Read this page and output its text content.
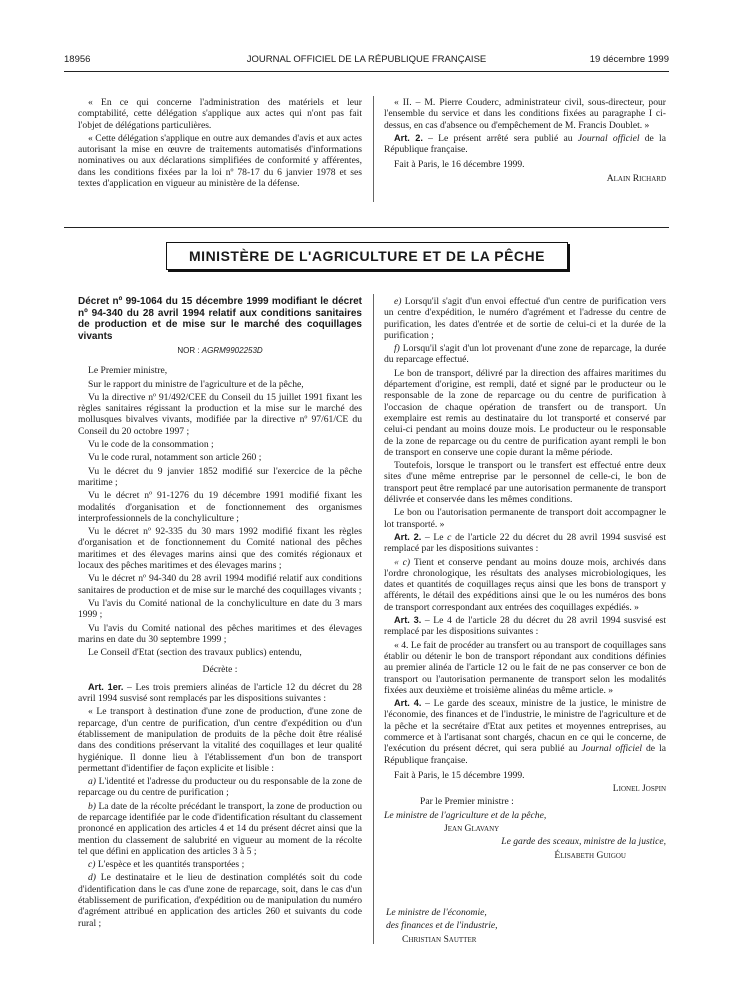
18956	JOURNAL OFFICIEL DE LA RÉPUBLIQUE FRANÇAISE	19 décembre 1999

« En ce qui concerne l'administration des matériels et leur comptabilité, cette délégation s'applique aux actes qui n'ont pas fait l'objet de délégations particulières.

« Cette délégation s'applique en outre aux demandes d'avis et aux actes autorisant la mise en œuvre de traitements automatisés d'informations nominatives ou aux déclarations simplifiées de conformité y afférentes, dans les conditions fixées par la loi nº 78-17 du 6 janvier 1978 et ses textes d'application en vigueur au ministère de la défense.

« II. – M. Pierre Couderc, administrateur civil, sous-directeur, pour l'ensemble du service et dans les conditions fixées au paragraphe I ci-dessus, en cas d'absence ou d'empêchement de M. Francis Doublet. »

Art. 2. – Le présent arrêté sera publié au Journal officiel de la République française.

Fait à Paris, le 16 décembre 1999.

Alain Richard

MINISTÈRE DE L'AGRICULTURE ET DE LA PÊCHE

Décret nº 99-1064 du 15 décembre 1999 modifiant le décret nº 94-340 du 28 avril 1994 relatif aux conditions sanitaires de production et de mise sur le marché des coquillages vivants

NOR : AGRM9902253D

Le Premier ministre,

Sur le rapport du ministre de l'agriculture et de la pêche,

Vu la directive nº 91/492/CEE du Conseil du 15 juillet 1991 fixant les règles sanitaires régissant la production et la mise sur le marché des mollusques bivalves vivants, modifiée par la directive nº 97/61/CE du Conseil du 20 octobre 1997 ;

Vu le code de la consommation ;

Vu le code rural, notamment son article 260 ;

Vu le décret du 9 janvier 1852 modifié sur l'exercice de la pêche maritime ;

Vu le décret nº 91-1276 du 19 décembre 1991 modifié fixant les modalités d'organisation et de fonctionnement des organismes interprofessionnels de la conchyliculture ;

Vu le décret nº 92-335 du 30 mars 1992 modifié fixant les règles d'organisation et de fonctionnement du Comité national des pêches maritimes et des élevages marins ainsi que des comités régionaux et locaux des pêches maritimes et des élevages marins ;

Vu le décret nº 94-340 du 28 avril 1994 modifié relatif aux conditions sanitaires de production et de mise sur le marché des coquillages vivants ;

Vu l'avis du Comité national de la conchyliculture en date du 3 mars 1999 ;

Vu l'avis du Comité national des pêches maritimes et des élevages marins en date du 30 septembre 1999 ;

Le Conseil d'Etat (section des travaux publics) entendu,

Décrète :

Art. 1er. – Les trois premiers alinéas de l'article 12 du décret du 28 avril 1994 susvisé sont remplacés par les dispositions suivantes :

« Le transport à destination d'une zone de production, d'une zone de reparcage, d'un centre de purification, d'un centre d'expédition ou d'un établissement de manipulation de produits de la pêche doit être réalisé dans des conditions préservant la vitalité des coquillages et leur qualité hygiénique. Il donne lieu à l'établissement d'un bon de transport permettant d'identifier de façon explicite et lisible :

a) L'identité et l'adresse du producteur ou du responsable de la zone de reparcage ou du centre de purification ;

b) La date de la récolte précédant le transport, la zone de production ou de reparcage identifiée par le code d'identification résultant du classement prononcé en application des articles 4 et 14 du présent décret ainsi que la mention du classement de salubrité en vigueur au moment de la récolte tel que défini en application des articles 3 à 5 ;

c) L'espèce et les quantités transportées ;

d) Le destinataire et le lieu de destination complétés soit du code d'identification dans le cas d'une zone de reparcage, soit, dans le cas d'un établissement de purification, d'expédition ou de manipulation du numéro d'agrément attribué en application des articles 260 et suivants du code rural ;

e) Lorsqu'il s'agit d'un envoi effectué d'un centre de purification vers un centre d'expédition, le numéro d'agrément et l'adresse du centre de purification, les dates d'entrée et de sortie de celui-ci et la durée de la purification ;

f) Lorsqu'il s'agit d'un lot provenant d'une zone de reparcage, la durée du reparcage effectué.

Le bon de transport, délivré par la direction des affaires maritimes du département d'origine, est rempli, daté et signé par le producteur ou le responsable de la zone de reparcage ou du centre de purification à l'occasion de chaque opération de transfert ou de transport. Un exemplaire est remis au destinataire du lot transporté et conservé par celui-ci pendant au moins douze mois. Le producteur ou le responsable de la zone de reparcage ou du centre de purification ayant rempli le bon de transport en conserve une copie durant la même période.

Toutefois, lorsque le transport ou le transfert est effectué entre deux sites d'une même entreprise par le personnel de celle-ci, le bon de transport peut être remplacé par une autorisation permanente de transport délivrée et conservée dans les mêmes conditions.

Le bon ou l'autorisation permanente de transport doit accompagner le lot transporté. »

Art. 2. – Le c de l'article 22 du décret du 28 avril 1994 susvisé est remplacé par les dispositions suivantes :

« c) Tient et conserve pendant au moins douze mois, archivés dans l'ordre chronologique, les résultats des analyses microbiologiques, les dates et quantités de coquillages reçus ainsi que les bons de transport y afférents, le détail des expéditions ainsi que le ou les numéros des bons de transport correspondant aux entrées des coquillages expédiés. »

Art. 3. – Le 4 de l'article 28 du décret du 28 avril 1994 susvisé est remplacé par les dispositions suivantes :

« 4. Le fait de procéder au transfert ou au transport de coquillages sans établir ou détenir le bon de transport répondant aux conditions définies au premier alinéa de l'article 12 ou le fait de ne pas conserver ce bon de transport ou l'autorisation permanente de transport selon les modalités fixées aux deuxième et troisième alinéas du même article. »

Art. 4. – Le garde des sceaux, ministre de la justice, le ministre de l'économie, des finances et de l'industrie, le ministre de l'agriculture et de la pêche et la secrétaire d'Etat aux petites et moyennes entreprises, au commerce et à l'artisanat sont chargés, chacun en ce qui le concerne, de l'exécution du présent décret, qui sera publié au Journal officiel de la République française.

Fait à Paris, le 15 décembre 1999.

Lionel Jospin

Par le Premier ministre :

Le ministre de l'agriculture et de la pêche,

Jean Glavany

Le garde des sceaux, ministre de la justice,

Élisabeth Guigou

Le ministre de l'économie,

des finances et de l'industrie,

Christian Sautter
